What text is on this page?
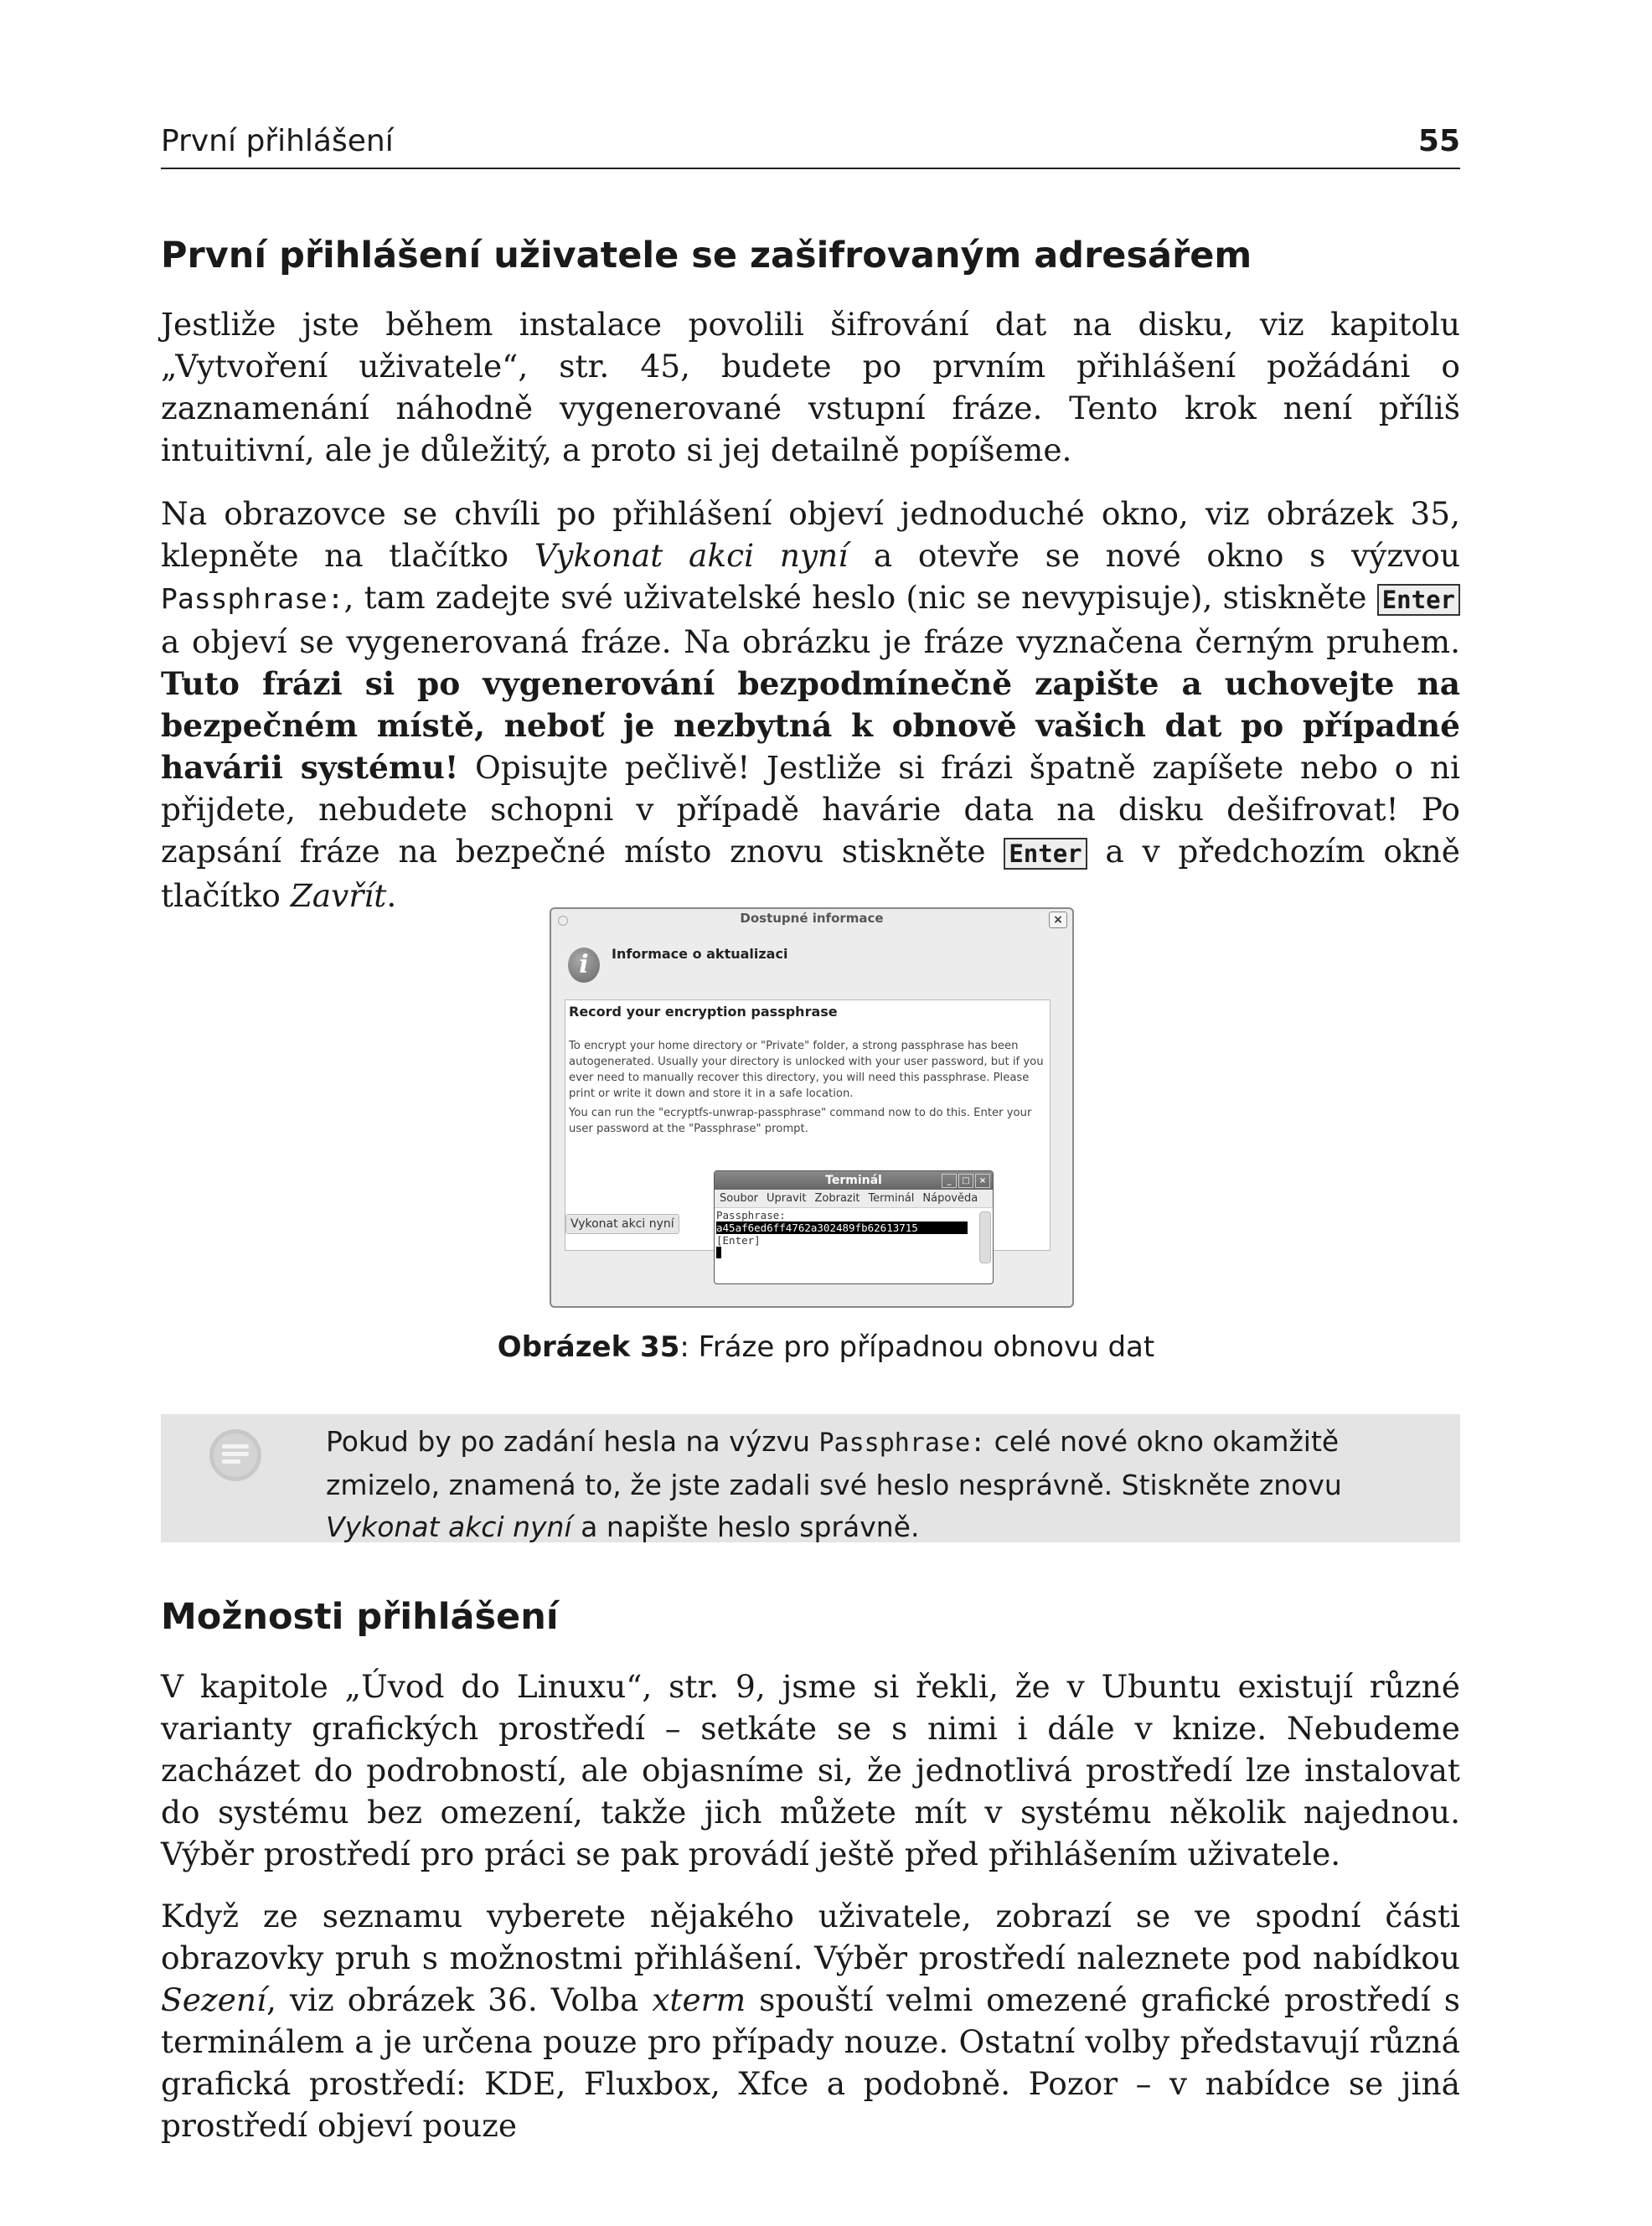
První přihlášení	55
První přihlášení uživatele se zašifrovaným adresářem
Jestliže jste během instalace povolili šifrování dat na disku, viz kapitolu „Vytvoření uživatele“, str. 45, budete po prvním přihlášení požádáni o zaznamenání náhodně vygenerované vstupní fráze. Tento krok není příliš intuitivní, ale je důležitý, a proto si jej detailně popíšeme.
Na obrazovce se chvíli po přihlášení objeví jednoduché okno, viz obrázek 35, klepněte na tlačítko Vykonat akci nyní a otevře se nové okno s výzvou Passphrase:, tam zadejte své uživatelské heslo (nic se nevypisuje), stiskněte Enter a objeví se vygenerovaná fráze. Na obrázku je fráze vyznačena černým pruhem. Tuto frázi si po vygenerování bezpodmínečně zapište a uchovejte na bezpečném místě, neboť je nezbytná k obnově vašich dat po případné havárii systému! Opisujte pečlivě! Jestliže si frázi špatně zapíšete nebo o ni přijdete, nebudete schopni v případě havárie data na disku dešifrovat! Po zapsání fráze na bezpečné místo znovu stiskněte Enter a v předchozím okně tlačítko Zavřít.
Dostupné informace	×
i	Informace o aktualizaci
Record your encryption passphrase

To encrypt your home directory or "Private" folder, a strong passphrase has been autogenerated. Usually your directory is unlocked with your user password, but if you ever need to manually recover this directory, you will need this passphrase. Please print or write it down and store it in a safe location.

You can run the "ecryptfs-unwrap-passphrase" command now to do this. Enter your user password at the "Passphrase" prompt.

Vykonat akci nyní
Terminál	_	□	×
Soubor Upravit Zobrazit Terminál Nápověda
Passphrase:
a45af6ed6ff4762a302489fb62613715
[Enter]
Obrázek 35: Fráze pro případnou obnovu dat
Pokud by po zadání hesla na výzvu Passphrase: celé nové okno okamžitě zmizelo, znamená to, že jste zadali své heslo nesprávně. Stiskněte znovu Vykonat akci nyní a napište heslo správně.
Možnosti přihlášení
V kapitole „Úvod do Linuxu“, str. 9, jsme si řekli, že v Ubuntu existují různé varianty grafických prostředí – setkáte se s nimi i dále v knize. Nebudeme zacházet do podrobností, ale objasníme si, že jednotlivá prostředí lze instalovat do systému bez omezení, takže jich můžete mít v systému několik najednou. Výběr prostředí pro práci se pak provádí ještě před přihlášením uživatele.
Když ze seznamu vyberete nějakého uživatele, zobrazí se ve spodní části obrazovky pruh s možnostmi přihlášení. Výběr prostředí naleznete pod nabídkou Sezení, viz obrázek 36. Volba xterm spouští velmi omezené grafické prostředí s terminálem a je určena pouze pro případy nouze. Ostatní volby představují různá grafická prostředí: KDE, Fluxbox, Xfce a podobně. Pozor – v nabídce se jiná prostředí objeví pouze
